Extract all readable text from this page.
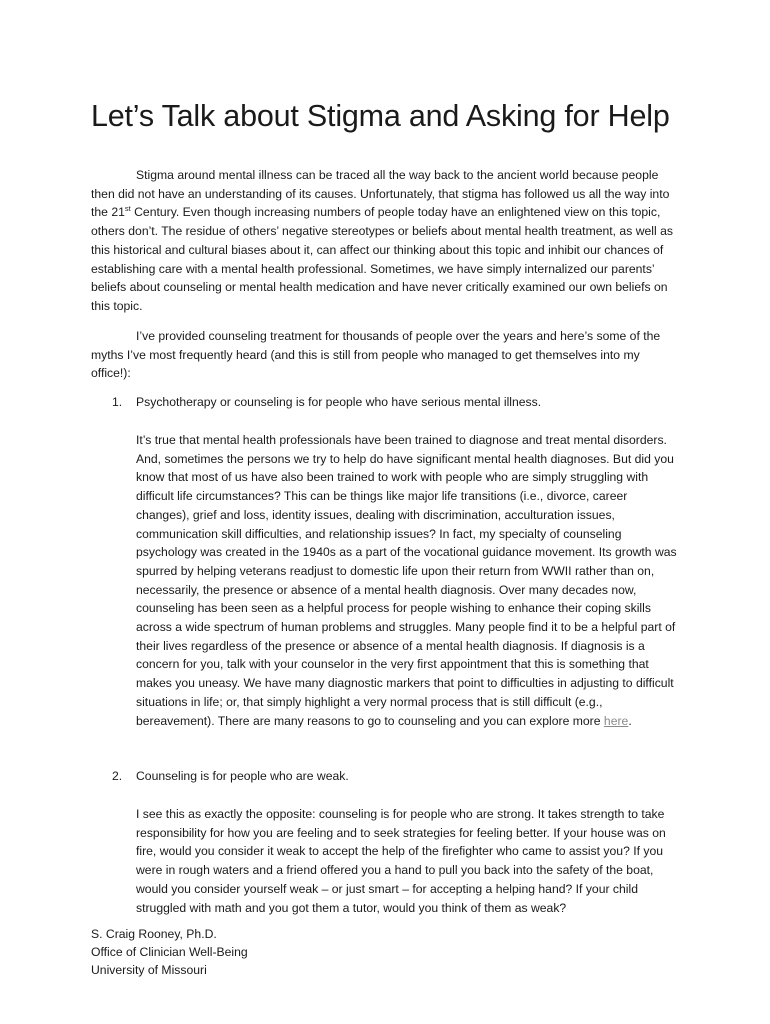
Let’s Talk about Stigma and Asking for Help

Stigma around mental illness can be traced all the way back to the ancient world because people then did not have an understanding of its causes. Unfortunately, that stigma has followed us all the way into the 21st Century. Even though increasing numbers of people today have an enlightened view on this topic, others don’t. The residue of others’ negative stereotypes or beliefs about mental health treatment, as well as this historical and cultural biases about it, can affect our thinking about this topic and inhibit our chances of establishing care with a mental health professional. Sometimes, we have simply internalized our parents’ beliefs about counseling or mental health medication and have never critically examined our own beliefs on this topic.

I’ve provided counseling treatment for thousands of people over the years and here’s some of the myths I’ve most frequently heard (and this is still from people who managed to get themselves into my office!):

1. Psychotherapy or counseling is for people who have serious mental illness.

It’s true that mental health professionals have been trained to diagnose and treat mental disorders. And, sometimes the persons we try to help do have significant mental health diagnoses. But did you know that most of us have also been trained to work with people who are simply struggling with difficult life circumstances? This can be things like major life transitions (i.e., divorce, career changes), grief and loss, identity issues, dealing with discrimination, acculturation issues, communication skill difficulties, and relationship issues? In fact, my specialty of counseling psychology was created in the 1940s as a part of the vocational guidance movement. Its growth was spurred by helping veterans readjust to domestic life upon their return from WWII rather than on, necessarily, the presence or absence of a mental health diagnosis. Over many decades now, counseling has been seen as a helpful process for people wishing to enhance their coping skills across a wide spectrum of human problems and struggles. Many people find it to be a helpful part of their lives regardless of the presence or absence of a mental health diagnosis. If diagnosis is a concern for you, talk with your counselor in the very first appointment that this is something that makes you uneasy. We have many diagnostic markers that point to difficulties in adjusting to difficult situations in life; or, that simply highlight a very normal process that is still difficult (e.g., bereavement). There are many reasons to go to counseling and you can explore more here.

2. Counseling is for people who are weak.

I see this as exactly the opposite: counseling is for people who are strong. It takes strength to take responsibility for how you are feeling and to seek strategies for feeling better. If your house was on fire, would you consider it weak to accept the help of the firefighter who came to assist you? If you were in rough waters and a friend offered you a hand to pull you back into the safety of the boat, would you consider yourself weak – or just smart – for accepting a helping hand? If your child struggled with math and you got them a tutor, would you think of them as weak?

S. Craig Rooney, Ph.D.
Office of Clinician Well-Being
University of Missouri
